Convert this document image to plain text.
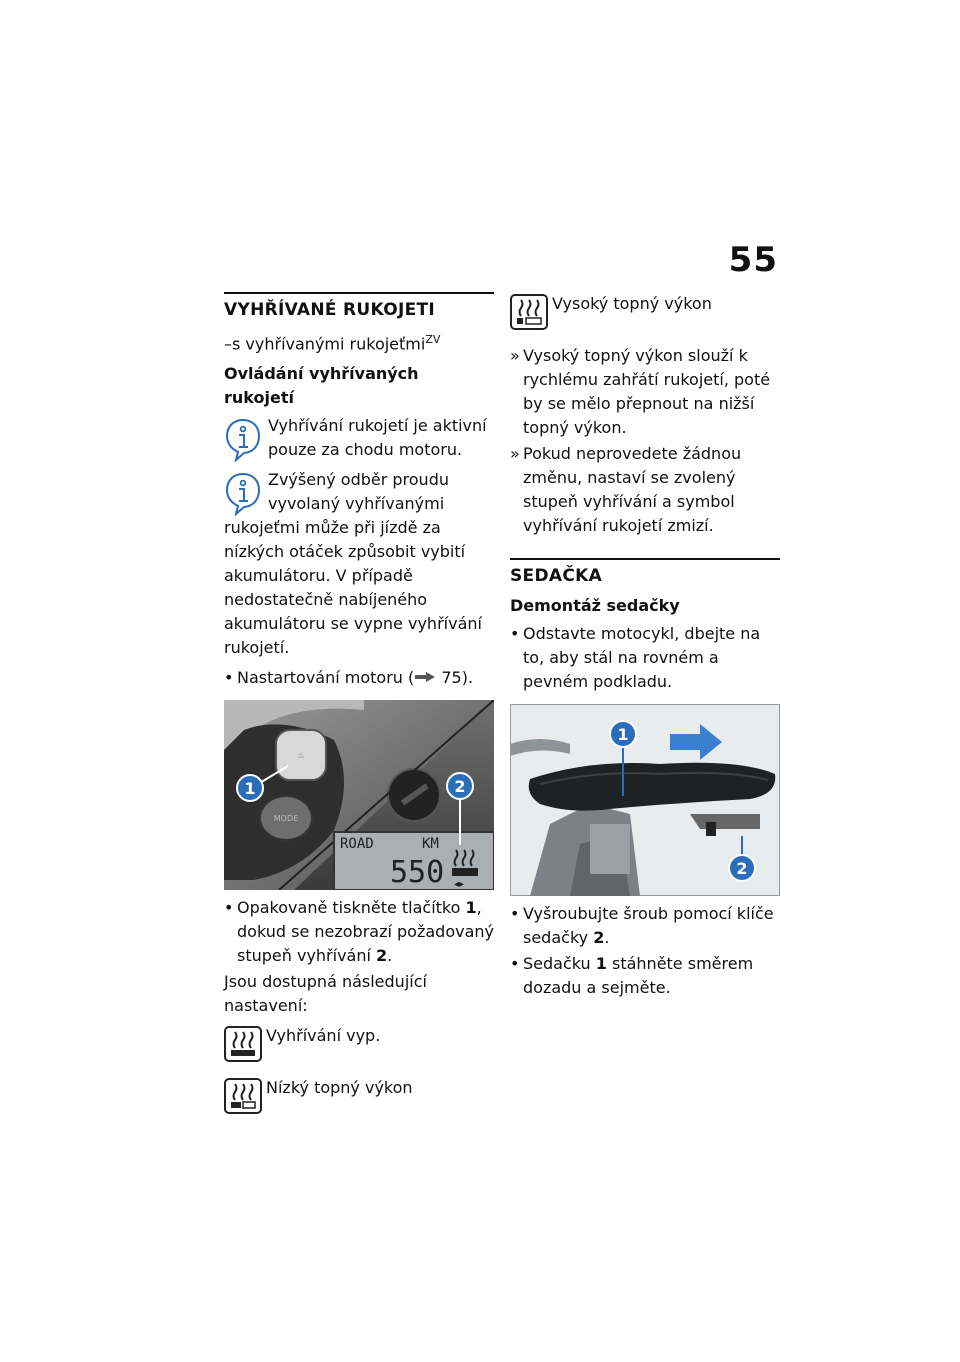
55
VYHŘÍVANÉ RUKOJETI

–s vyhřívanými rukojeťmi$^{ZV}$

Ovládání vyhřívaných rukojetí
Vyhřívání rukojetí je aktivní pouze za chodu motoru.
Zvýšený odběr proudu vyvolaný vyhřívanými rukojeťmi může při jízdě za nízkých otáček způsobit vybití akumulátoru. V případě nedostatečně nabíjeného akumulátoru se vypne vyhřívání rukojetí.
•
Nastartování motoru ( 75).
♨
MODE
ROAD	KM
550 ◂▸
1	2
•
Opakovaně tiskněte tlačítko 1, dokud se nezobrazí požadovaný stupeň vyhřívání 2.

Jsou dostupná následující nastavení:

Vyhřívání vyp.
Nízký topný výkon
Vysoký topný výkon
»
Vysoký topný výkon slouží k rychlému zahřátí rukojetí, poté by se mělo přepnout na nižší topný výkon.
»
Pokud neprovedete žádnou změnu, nastaví se zvolený stupeň vyhřívání a symbol vyhřívání rukojetí zmizí.
SEDAČKA
Demontáž sedačky
•
Odstavte motocykl, dbejte na to, aby stál na rovném a pevném podkladu.
1
2
•
Vyšroubujte šroub pomocí klíče sedačky 2.
•
Sedačku 1 stáhněte směrem dozadu a sejměte.
